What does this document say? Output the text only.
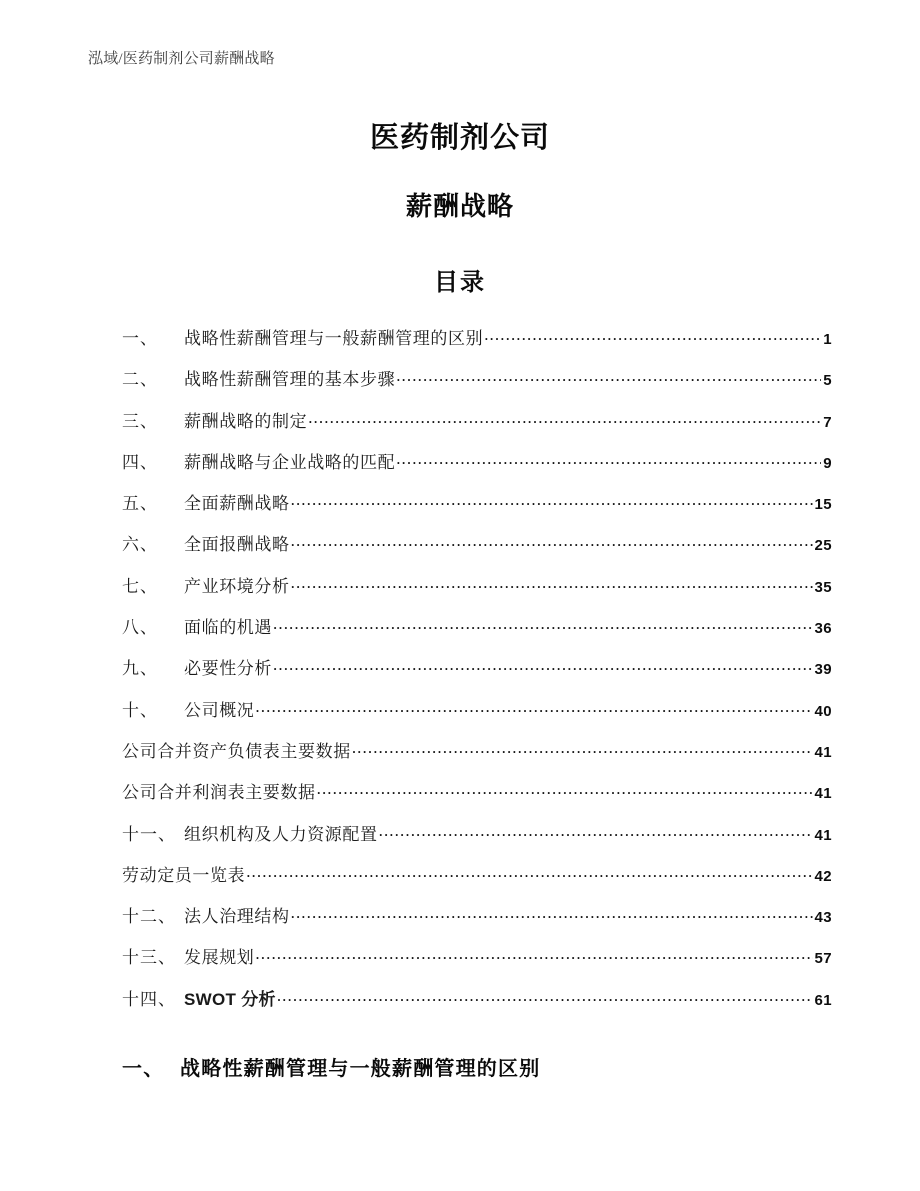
泓域/医药制剂公司薪酬战略
医药制剂公司
薪酬战略
目录
一、	战略性薪酬管理与一般薪酬管理的区别 .....	1
二、	战略性薪酬管理的基本步骤 .....	5
三、	薪酬战略的制定 .....	7
四、	薪酬战略与企业战略的匹配 .....	9
五、	全面薪酬战略 .....	15
六、	全面报酬战略 .....	25
七、	产业环境分析 .....	35
八、	面临的机遇 .....	36
九、	必要性分析 .....	39
十、	公司概况 .....	40
公司合并资产负债表主要数据 .....	41
公司合并利润表主要数据 .....	41
十一、 组织机构及人力资源配置 .....	41
劳动定员一览表 .....	42
十二、 法人治理结构 .....	43
十三、 发展规划 .....	57
十四、 SWOT 分析 .....	61
一、 战略性薪酬管理与一般薪酬管理的区别
